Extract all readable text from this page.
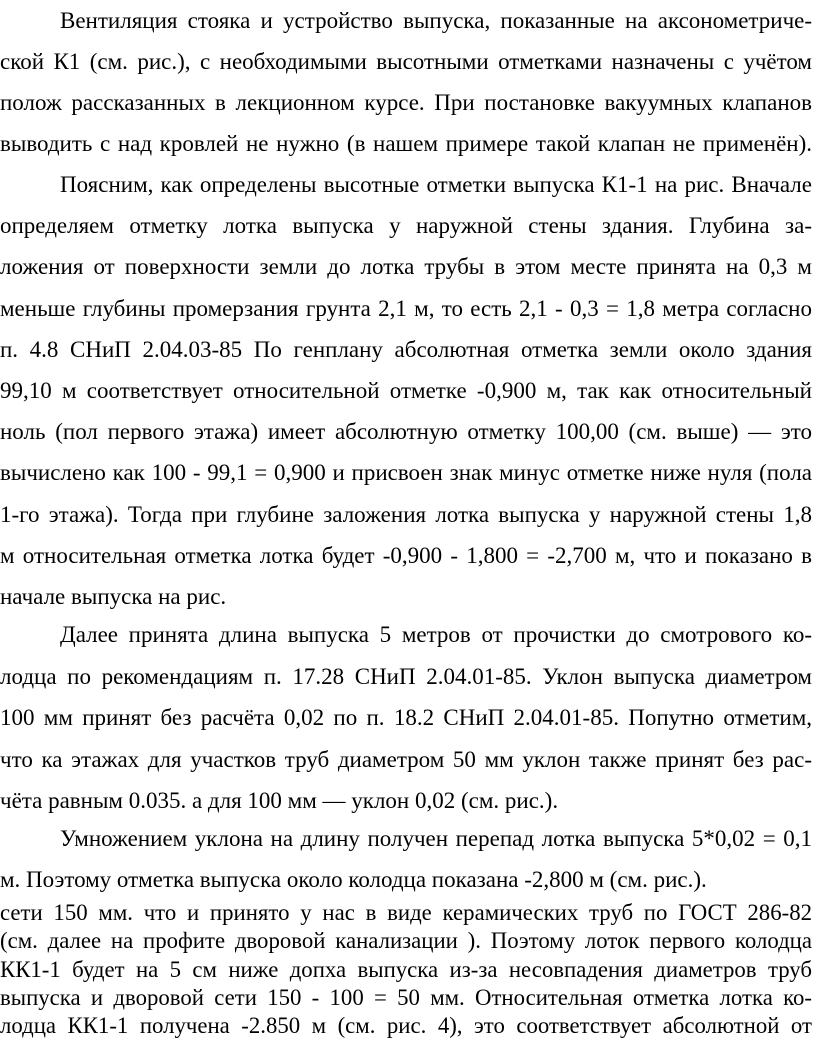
Вентиляция стояка и устройство выпуска, показанные на аксонометриче-
ской К1 (см. рис.), с необходимыми высотными отметками назначены с учётом
полож рассказанных в лекционном курсе. При постановке вакуумных клапанов
выводить с над кровлей не нужно (в нашем примере такой клапан не применён).
Поясним, как определены высотные отметки выпуска К1-1 на рис. Вначале
определяем отметку лотка выпуска у наружной стены здания. Глубина за-
ложения от поверхности земли до лотка трубы в этом месте принята на 0,3 м
меньше глубины промерзания грунта 2,1 м, то есть 2,1 - 0,3 = 1,8 метра согласно
п. 4.8 СНиП 2.04.03-85 По генплану абсолютная отметка земли около здания
99,10 м соответствует относительной отметке -0,900 м, так как относительный
ноль (пол первого этажа) имеет абсолютную отметку 100,00 (см. выше) — это
вычислено как 100 - 99,1 = 0,900 и присвоен знак минус отметке ниже нуля (пола
1-го этажа). Тогда при глубине заложения лотка выпуска у наружной стены 1,8
м относительная отметка лотка будет -0,900 - 1,800 = -2,700 м, что и показано в
начале выпуска на рис.
Далее принята длина выпуска 5 метров от прочистки до смотрового ко-
лодца по рекомендациям п. 17.28 СНиП 2.04.01-85. Уклон выпуска диаметром
100 мм принят без расчёта 0,02 по п. 18.2 СНиП 2.04.01-85. Попутно отметим,
что ка этажах для участков труб диаметром 50 мм уклон также принят без рас-
чёта равным 0.035. а для 100 мм — уклон 0,02 (см. рис.).
Умножением уклона на длину получен перепад лотка выпуска 5*0,02 = 0,1
м. Поэтому отметка выпуска около колодца показана -2,800 м (см. рис.).
сети 150 мм. что и принято у нас в виде керамических труб по ГОСТ 286-82
(см. далее на профите дворовой канализации ). Поэтому лоток первого колодца
КК1-1 будет на 5 см ниже допха выпуска из-за несовпадения диаметров труб
выпуска и дворовой сети 150 - 100 = 50 мм. Относительная отметка лотка ко-
лодца КК1-1 получена -2.850 м (см. рис. 4), это соответствует абсолютной от
